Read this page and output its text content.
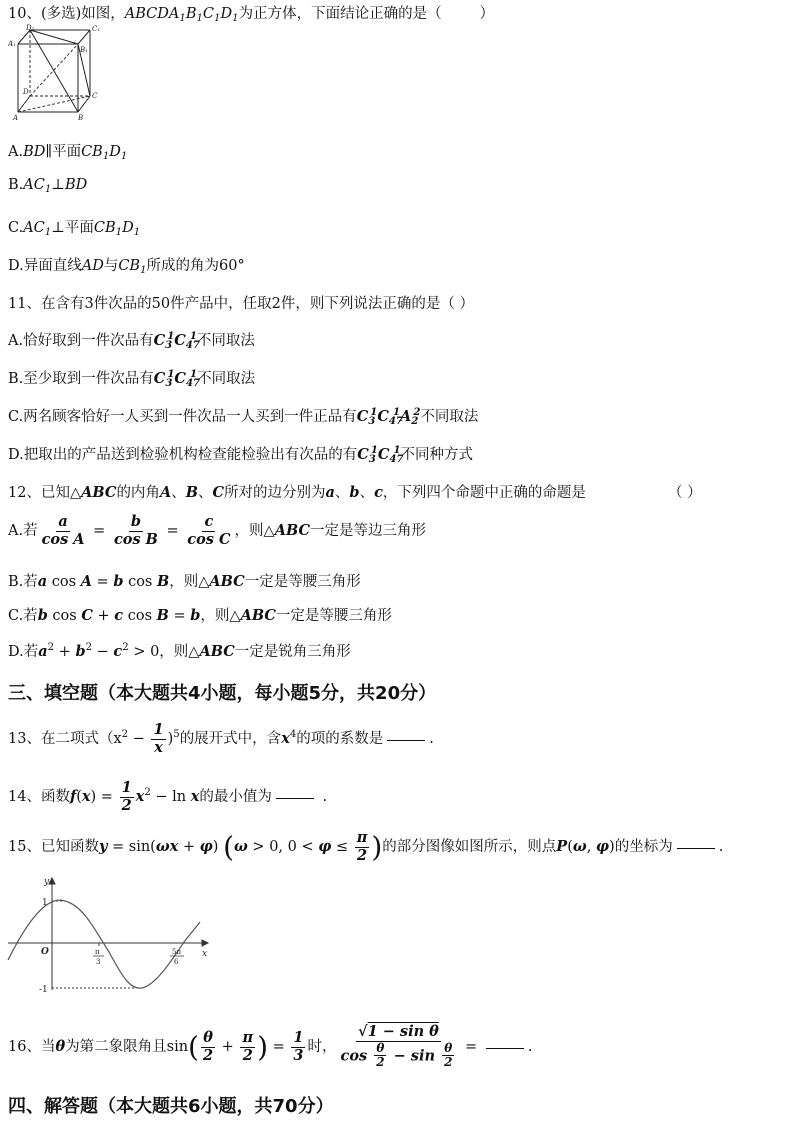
10、(多选)如图，$ABCDA_1B_1C_1D_1$为正方体，下面结论正确的是（	）
D₁	C₁
A₁
B₁
D	C
A	B
A.BD∥平面$CB_1D_1$
$B.AC_1\perp BD$
$C.AC_1\perp$平面$CB_1D_1$
D.异面直线AD与$CB_1$所成的角为60°
11、在含有3件次品的50件产品中，任取2件，则下列说法正确的是（ ）
A.恰好取到一件次品有$C_3^1C_{47}^1$不同取法
B.至少取到一件次品有$C_3^1C_{47}^1$不同取法
C.两名顾客恰好一人买到一件次品一人买到一件正品有$C_3^1C_{47}^1A_2^2$不同取法
D.把取出的产品送到检验机构检查能检验出有次品的有$C_3^1C_{47}^1$不同种方式
12、已知△ABC的内角A、B、C所对的边分别为a、b、c，下列四个命题中正确的命题是	（ ）
A.若 $\frac{a}{\text{cos A}} = \frac{b}{\text{cos B}} = \frac{c}{\text{cos C}}$ ，则△ABC一定是等边三角形
B.若a cos A = b cos B，则△ABC一定是等腰三角形
C.若b cos C + c cos B = b，则△ABC一定是等腰三角形
D.若$a^2 + b^2 - c^2 > 0$，则△ABC一定是锐角三角形
三、填空题（本大题共4小题，每小题5分，共20分）
13、在二项式$(x^2 - \frac{1}{x} )^5$的展开式中，含$x^4$的项的系数是	.
14、函数$f(x) = \frac{1}{2} x^2 - \ln x$的最小值为	.
15、已知函数y = sin(ωx + φ) (ω > 0, $0 < \varphi \le \frac{\pi}{2}$ )的部分图像如图所示，则点P(ω, φ)的坐标为	.
y
x
O
1
-1
π
3
5π
6
16、当θ为第二象限角且$\sin( \frac{\theta}{2} + \frac{\pi}{2}$ ) = $\frac{1}{3}$ 时， $\frac{\text{√1 − sin θ}}{\cos \frac{\theta}{2} - \sin \frac{\theta}{2}}$ =	.
四、解答题（本大题共6小题，共70分）
